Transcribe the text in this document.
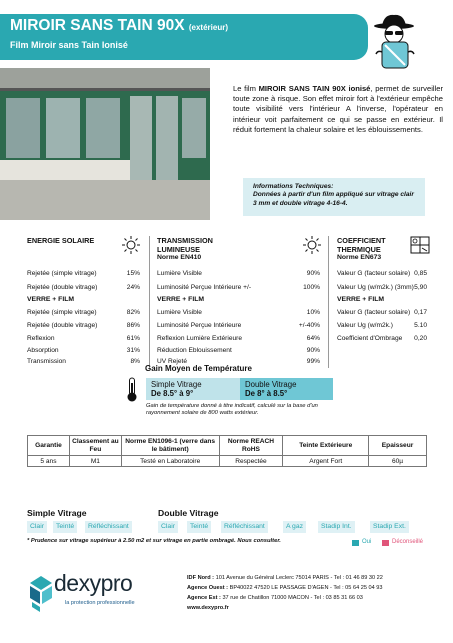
MIROIR SANS TAIN 90X (extérieur)
Film Miroir sans Tain Ionisé
Le film MIROIR SANS TAIN 90X ionisé, permet de surveiller toute zone à risque. Son effet miroir fort à l'extérieur empêche toute visibilité vers l'intérieur A l'inverse, l'opérateur en intérieur voit parfaitement ce qui se passe en extérieur. Il réduit fortement la chaleur solaire et les éblouissements.
Informations Techniques:
Données à partir d'un film appliqué sur vitrage clair 3 mm et double vitrage 4-16-4.
ENERGIE SOLAIRE
Rejetée (simple vitrage)	15%
Rejetée (double vitrage)	24%
VERRE + FILM
Rejetée (simple vitrage)	82%
Rejetée (double vitrage)	86%
Reflexion	61%
Absorption	31%
Transmission	8%
TRANSMISSION LUMINEUSE
Norme EN410
Lumière Visible	90%
Luminosité Perçue Intérieure +/-	100%
VERRE + FILM
Lumière Visible	10%
Luminosité Perçue Intérieure	+/-40%
Reflexion Lumière Extérieure	64%
Réduction Eblouissement	90%
UV Rejeté	99%
COEFFICIENT THERMIQUE
Norme EN673
Valeur G (facteur solaire) 0,85
Valeur Ug (w/m2k.) (3mm) 5,90
VERRE + FILM
Valeur G (facteur solaire) 0,17
Valeur Ug (w/m2k.)	5.10
Coefficient d'Ombrage	0,20
Gain Moyen de Température
Simple Vitrage
De 8.5° à 9°
Double Vitrage
De 8° à 8.5°
Gain de température donné à titre indicatif, calculé sur la base d'un rayonnement solaire de 800 watts extérieur.
Garantie	Classement au Feu	Norme EN1096-1 (verre dans le bâtiment)	Norme REACH RoHS	Teinte Extérieure	Epaisseur
5 ans	M1	Testé en Laboratoire	Respectée	Argent Fort	60µ
Simple Vitrage	Double Vitrage
Clair	Teinté	Réfléchissant	Clair	Teinté	Réfléchissant	A gaz	Stadip Int.	Stadip Ext.
* Prudence sur vitrage supérieur à 2.50 m2 et sur vitrage en partie ombragé. Nous consulter.	Oui	Déconseillé
dexypro
la protection professionnelle
IDF Nord : 101 Avenue du Général Leclerc 75014 PARIS - Tel : 01 46 89 30 22
Agence Ouest : BP40022 47520 LE PASSAGE D'AGEN - Tel : 05 64 25 04 93
Agence Est : 37 rue de Chatillon 71000 MACON - Tel : 03 85 31 66 03
www.dexypro.fr
